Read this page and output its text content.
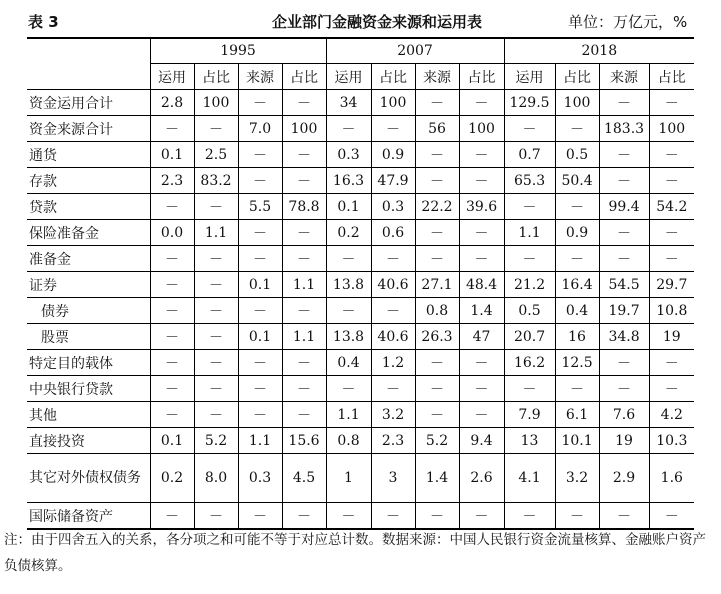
表 3	企业部门金融资金来源和运用表	单位：万亿元，%
	1995				2007				2018			
	运用	占比	来源	占比	运用	占比	来源	占比	运用	占比	来源	占比
资金运用合计	2.8	100	－	－	34	100	－	－	129.5	100	－	－
资金来源合计	－	－	7.0	100	－	－	56	100	－	－	183.3	100
通货	0.1	2.5	－	－	0.3	0.9	－	－	0.7	0.5	－	－
存款	2.3	83.2	－	－	16.3	47.9	－	－	65.3	50.4	－	－
贷款	－	－	5.5	78.8	0.1	0.3	22.2	39.6	－	－	99.4	54.2
保险准备金	0.0	1.1	－	－	0.2	0.6	－	－	1.1	0.9	－	－
准备金	－	－	－	－	－	－	－	－	－	－	－	－
证券	－	－	0.1	1.1	13.8	40.6	27.1	48.4	21.2	16.4	54.5	29.7
债券	－	－	－	－	－	－	0.8	1.4	0.5	0.4	19.7	10.8
股票	－	－	0.1	1.1	13.8	40.6	26.3	47	20.7	16	34.8	19
特定目的载体	－	－	－	－	0.4	1.2	－	－	16.2	12.5	－	－
中央银行贷款	－	－	－	－	－	－	－	－	－	－	－	－
其他	－	－	－	－	1.1	3.2	－	－	7.9	6.1	7.6	4.2
直接投资	0.1	5.2	1.1	15.6	0.8	2.3	5.2	9.4	13	10.1	19	10.3
其它对外债权债务	0.2	8.0	0.3	4.5	1	3	1.4	2.6	4.1	3.2	2.9	1.6
国际储备资产	－	－	－	－	－	－	－	－	－	－	－	－
注：由于四舍五入的关系，各分项之和可能不等于对应总计数。数据来源：中国人民银行资金流量核算、金融账户资产负债核算。
